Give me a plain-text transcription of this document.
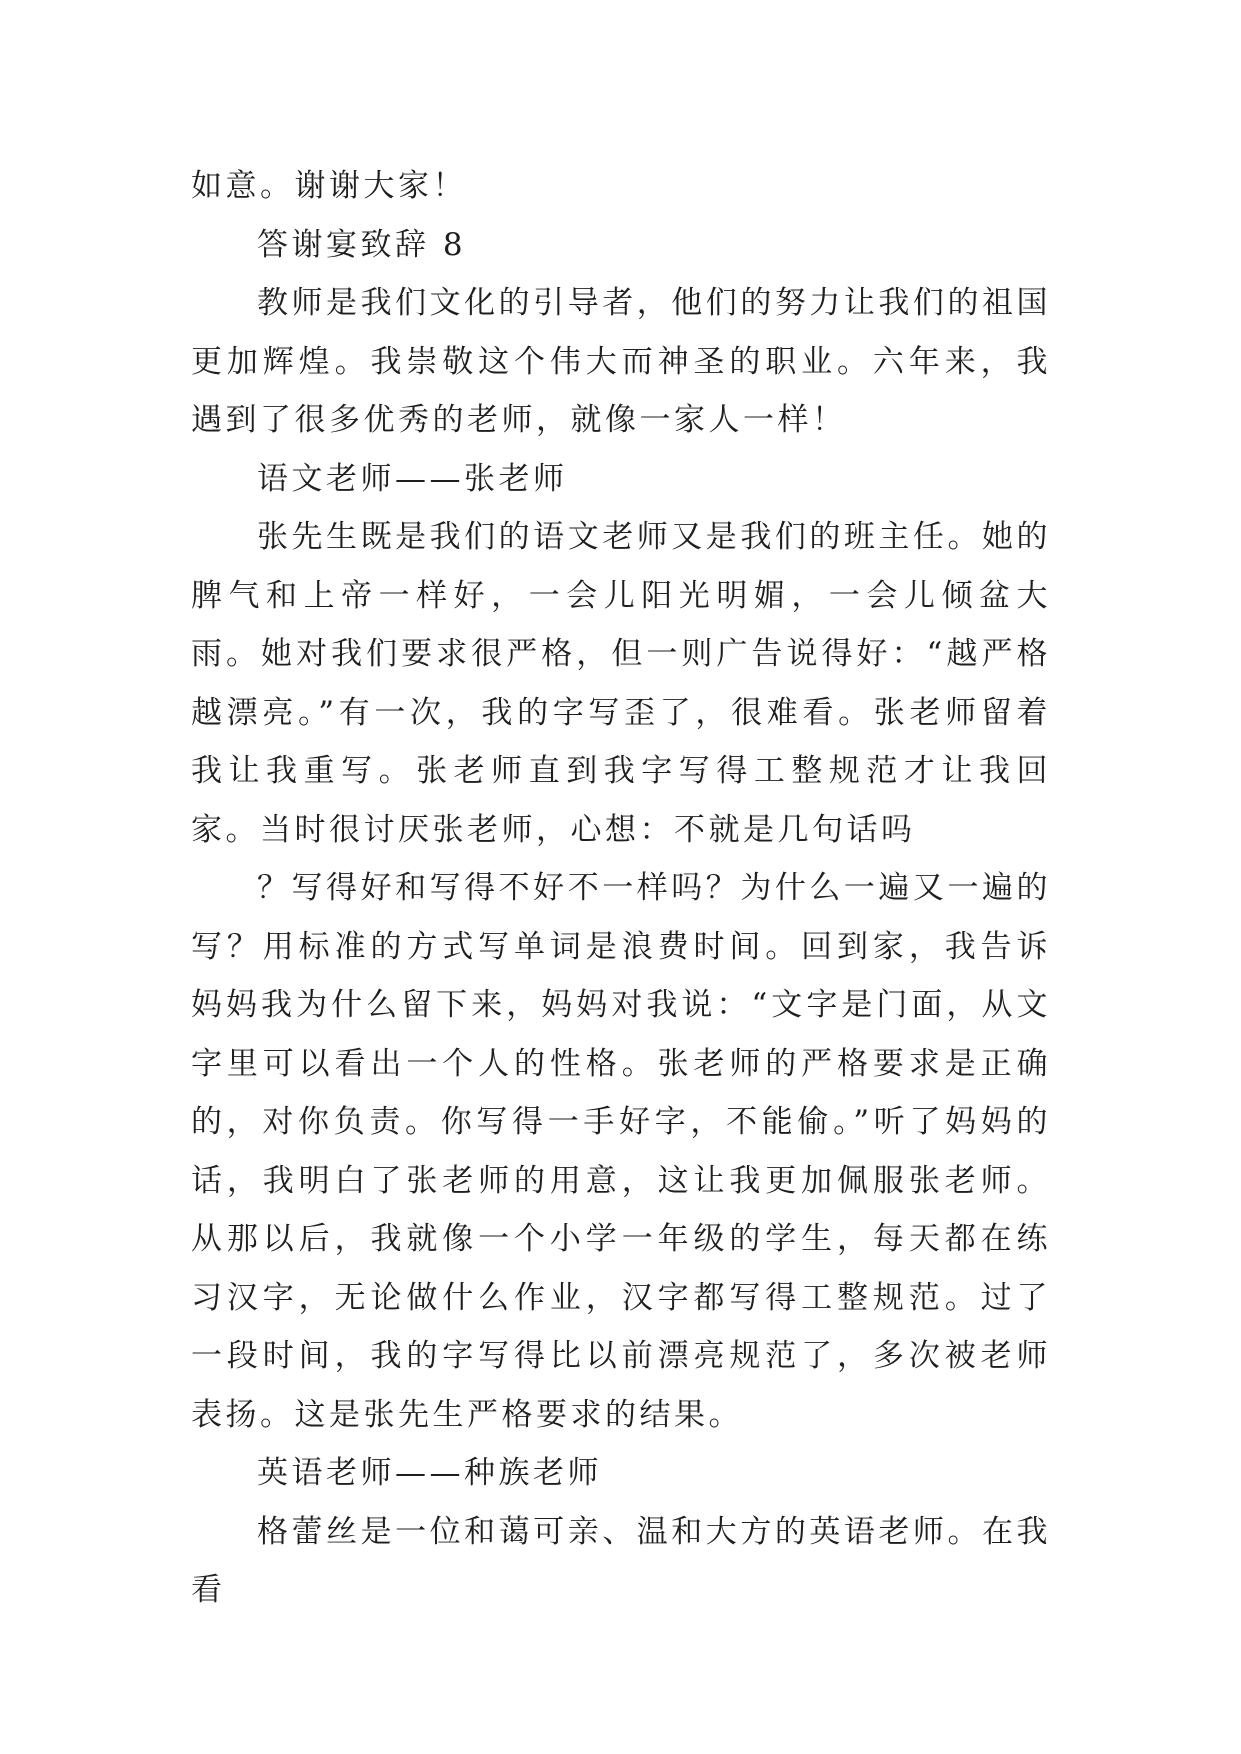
如意。谢谢大家！

答谢宴致辞 8

教师是我们文化的引导者，他们的努力让我们的祖国更加辉煌。我崇敬这个伟大而神圣的职业。六年来，我遇到了很多优秀的老师，就像一家人一样！

语文老师——张老师

张先生既是我们的语文老师又是我们的班主任。她的脾气和上帝一样好，一会儿阳光明媚，一会儿倾盆大雨。她对我们要求很严格，但一则广告说得好：“越严格越漂亮。”有一次，我的字写歪了，很难看。张老师留着我让我重写。张老师直到我字写得工整规范才让我回家。当时很讨厌张老师，心想：不就是几句话吗

？写得好和写得不好不一样吗？为什么一遍又一遍的写？用标准的方式写单词是浪费时间。回到家，我告诉妈妈我为什么留下来，妈妈对我说：“文字是门面，从文字里可以看出一个人的性格。张老师的严格要求是正确的，对你负责。你写得一手好字，不能偷。”听了妈妈的话，我明白了张老师的用意，这让我更加佩服张老师。从那以后，我就像一个小学一年级的学生，每天都在练习汉字，无论做什么作业，汉字都写得工整规范。过了一段时间，我的字写得比以前漂亮规范了，多次被老师表扬。这是张先生严格要求的结果。

英语老师——种族老师

格蕾丝是一位和蔼可亲、温和大方的英语老师。在我看
